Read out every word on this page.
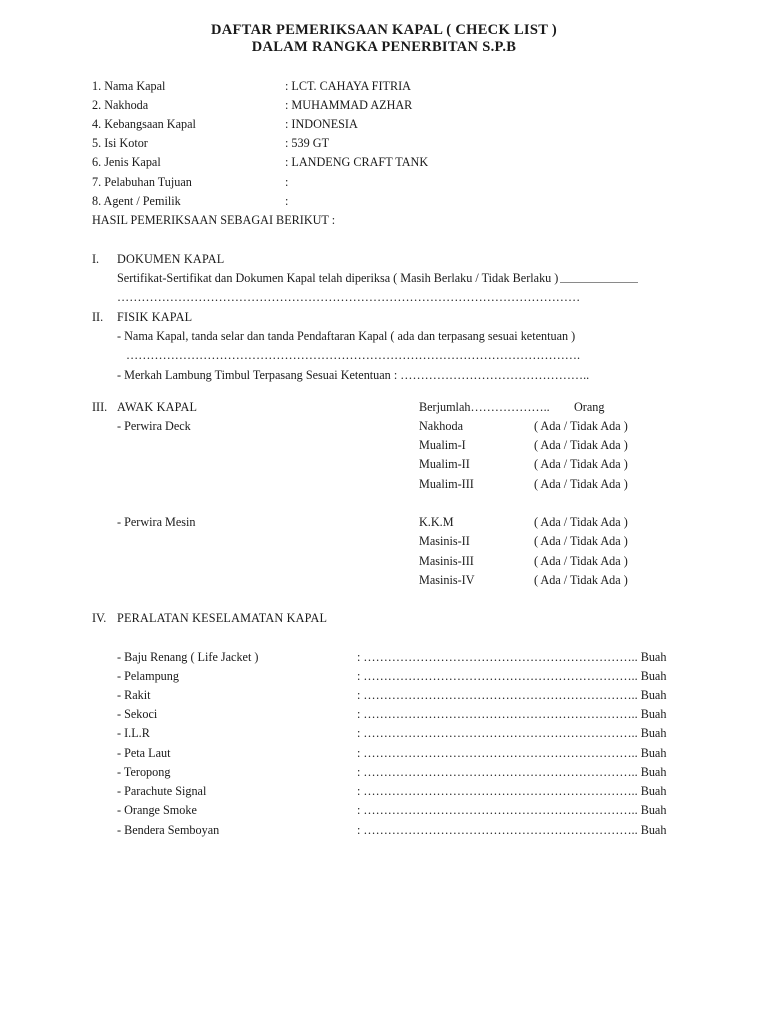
DAFTAR PEMERIKSAAN KAPAL ( CHECK LIST )
DALAM RANGKA PENERBITAN S.P.B
1. Nama Kapal	: LCT. CAHAYA FITRIA
2. Nakhoda	: MUHAMMAD AZHAR
4. Kebangsaan Kapal	: INDONESIA
5. Isi Kotor	: 539 GT
6. Jenis Kapal	: LANDENG CRAFT TANK
7. Pelabuhan Tujuan	:
8. Agent / Pemilik	:
HASIL PEMERIKSAAN SEBAGAI BERIKUT :
I. DOKUMEN KAPAL
Sertifikat-Sertifikat dan Dokumen Kapal telah diperiksa ( Masih Berlaku / Tidak Berlaku )
……………………………………………………………………………………………………
II. FISIK KAPAL
- Nama Kapal, tanda selar dan tanda Pendaftaran Kapal ( ada dan terpasang sesuai ketentuan )
………………………………………………………………………………………………….
- Merkah Lambung Timbul Terpasang Sesuai Ketentuan : ………………………………………..
III. AWAK KAPAL	Berjumlah……………….. Orang
- Perwira Deck	Nakhoda	( Ada / Tidak Ada )
Mualim-I	( Ada / Tidak Ada )
Mualim-II	( Ada / Tidak Ada )
Mualim-III	( Ada / Tidak Ada )
- Perwira Mesin	K.K.M	( Ada / Tidak Ada )
Masinis-II	( Ada / Tidak Ada )
Masinis-III	( Ada / Tidak Ada )
Masinis-IV	( Ada / Tidak Ada )
IV. PERALATAN KESELAMATAN KAPAL
- Baju Renang ( Life Jacket )	: ………………………………………………………….. Buah
- Pelampung	: ………………………………………………………….. Buah
- Rakit	: ………………………………………………………….. Buah
- Sekoci	: ………………………………………………………….. Buah
- I.L.R	: ………………………………………………………….. Buah
- Peta Laut	: ………………………………………………………….. Buah
- Teropong	: ………………………………………………………….. Buah
- Parachute Signal	: ………………………………………………………….. Buah
- Orange Smoke	: ………………………………………………………….. Buah
- Bendera Semboyan	: ………………………………………………………….. Buah
